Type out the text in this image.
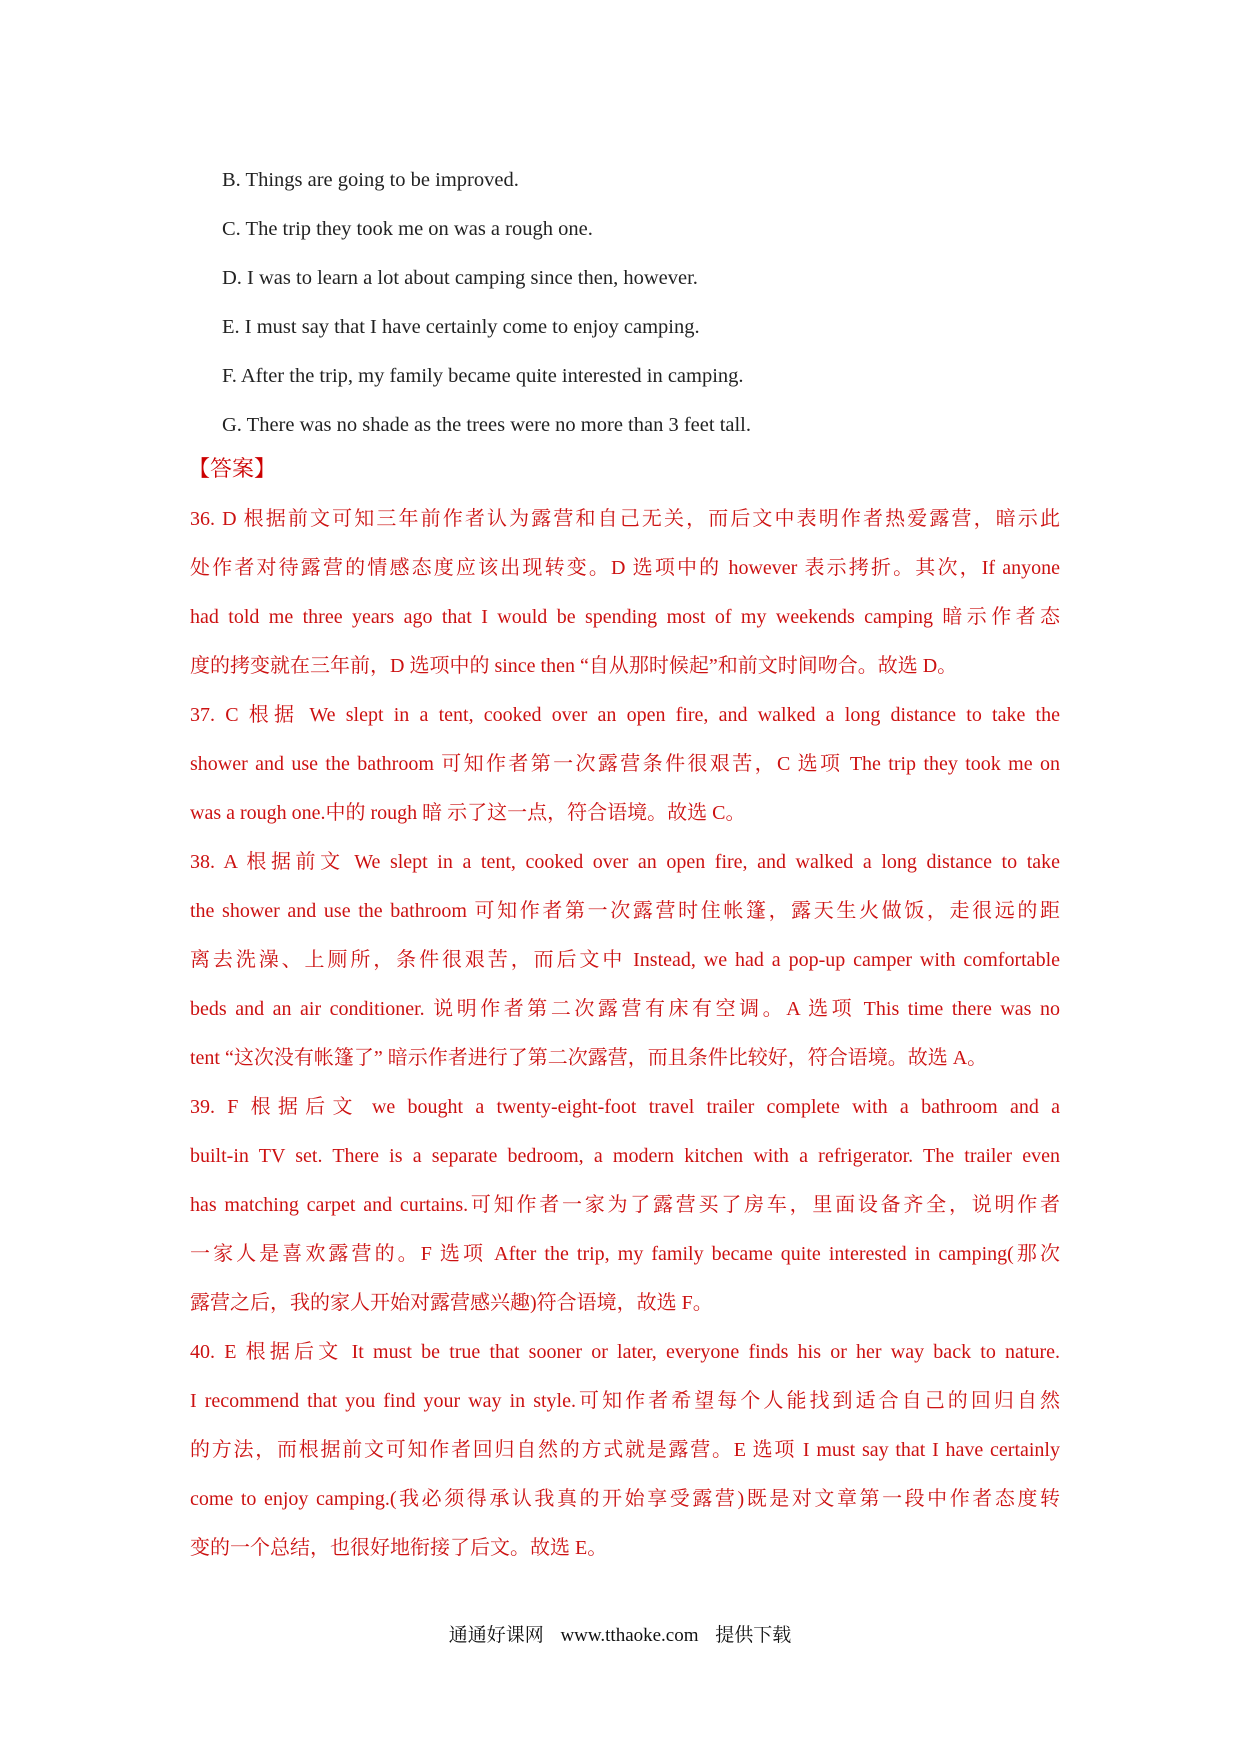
B. Things are going to be improved.
C. The trip they took me on was a rough one.
D. I was to learn a lot about camping since then, however.
E. I must say that I have certainly come to enjoy camping.
F. After the trip, my family became quite interested in camping.
G. There was no shade as the trees were no more than 3 feet tall.
【答案】
36. D 根据前文可知三年前作者认为露营和自己无关，而后文中表明作者热爱露营，暗示此
处作者对待露营的情感态度应该出现转变。D 选项中的 however 表示拷折。其次，If anyone
had told me three years ago that I would be spending most of my weekends camping 暗示作者态
度的拷变就在三年前，D 选项中的 since then “自从那时候起”和前文时间吻合。故选 D。
37. C 根据 We slept in a tent, cooked over an open fire, and walked a long distance to take the
shower and use the bathroom 可知作者第一次露营条件很艰苦，C 选项 The trip they took me on
was a rough one.中的 rough 暗 示了这一点，符合语境。故选 C。
38. A 根据前文 We slept in a tent, cooked over an open fire, and walked a long distance to take
the shower and use the bathroom 可知作者第一次露营时住帐篷，露天生火做饭，走很远的距
离去洗澡、上厕所，条件很艰苦，而后文中 Instead, we had a pop-up camper with comfortable
beds and an air conditioner. 说明作者第二次露营有床有空调。A 选项 This time there was no
tent “这次没有帐篷了” 暗示作者进行了第二次露营，而且条件比较好，符合语境。故选 A。
39. F 根据后文 we bought a twenty-eight-foot travel trailer complete with a bathroom and a
built-in TV set. There is a separate bedroom, a modern kitchen with a refrigerator. The trailer even
has matching carpet and curtains.可知作者一家为了露营买了房车，里面设备齐全，说明作者
一家人是喜欢露营的。F 选项 After the trip, my family became quite interested in camping(那次
露营之后，我的家人开始对露营感兴趣)符合语境，故选 F。
40. E 根据后文 It must be true that sooner or later, everyone finds his or her way back to nature.
I recommend that you find your way in style.可知作者希望每个人能找到适合自己的回归自然
的方法，而根据前文可知作者回归自然的方式就是露营。E 选项 I must say that I have certainly
come to enjoy camping.(我必须得承认我真的开始享受露营)既是对文章第一段中作者态度转
变的一个总结，也很好地衔接了后文。故选 E。
通通好课网 www.tthaoke.com 提供下载
